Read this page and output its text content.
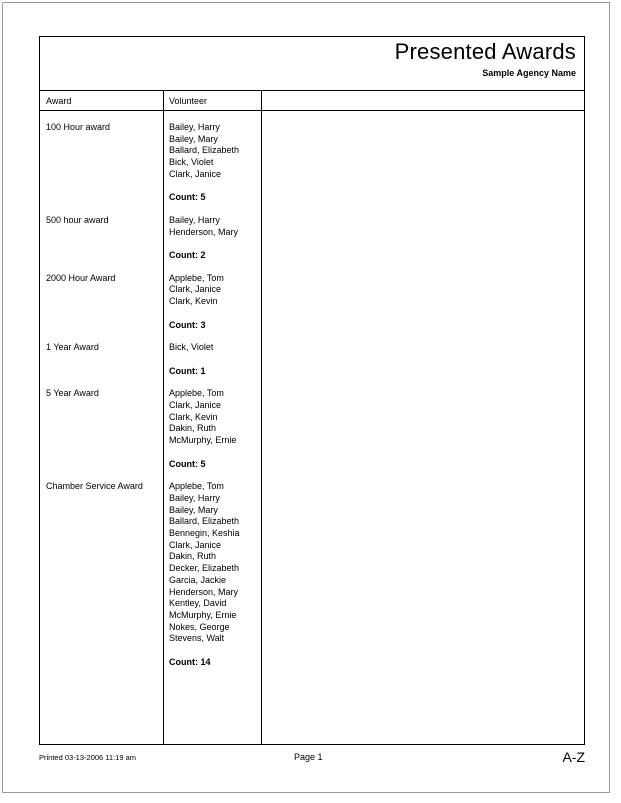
Presented Awards
Sample Agency Name
Award	Volunteer
100 Hour award	Bailey, Harry
Bailey, Mary
Ballard, Elizabeth
Bick, Violet
Clark, Janice
Count: 5
500 hour award	Bailey, Harry
Henderson, Mary
Count: 2
2000 Hour Award	Applebe, Tom
Clark, Janice
Clark, Kevin
Count: 3
1 Year Award	Bick, Violet
Count: 1
5 Year Award	Applebe, Tom
Clark, Janice
Clark, Kevin
Dakin, Ruth
McMurphy, Ernie
Count: 5
Chamber Service Award	Applebe, Tom
Bailey, Harry
Bailey, Mary
Ballard, Elizabeth
Bennegin, Keshia
Clark, Janice
Dakin, Ruth
Decker, Elizabeth
Garcia, Jackie
Henderson, Mary
Kentley, David
McMurphy, Ernie
Nokes, George
Stevens, Walt
Count: 14
Printed 03-13-2006 11:19 am	Page 1	A-Z
